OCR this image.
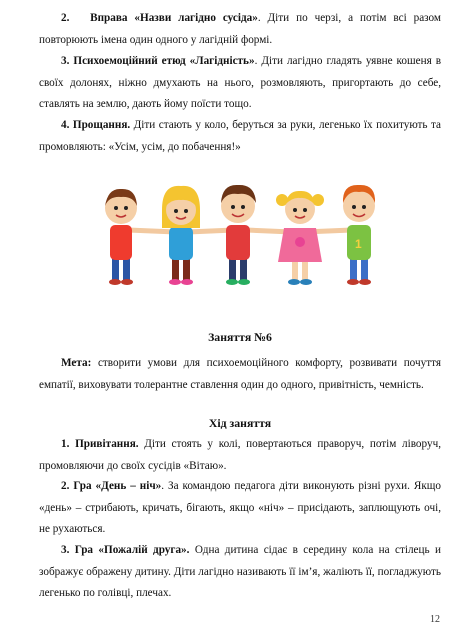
2. Вправа «Назви лагідно сусіда». Діти по черзі, а потім всі разом повторюють імена один одного у лагідній формі.

3. Психоемоційний етюд «Лагідність». Діти лагідно гладять уявне кошеня в своїх долонях, ніжно дмухають на нього, розмовляють, пригортають до себе, ставлять на землю, дають йому поїсти тощо.

4. Прощання. Діти стають у коло, беруться за руки, легенько їх похитують та промовляють: «Усім, усім, до побачення!»

1

Заняття №6

Мета: створити умови для психоемоційного комфорту, розвивати почуття емпатії, виховувати толерантне ставлення один до одного, привітність, чемність.

Хід заняття

1. Привітання. Діти стоять у колі, повертаються праворуч, потім ліворуч, промовляючи до своїх сусідів «Вітаю».

2. Гра «День – ніч». За командою педагога діти виконують різні рухи. Якщо «день» – стрибають, кричать, бігають, якщо «ніч» – присідають, заплющують очі, не рухаються.

3. Гра «Пожалій друга». Одна дитина сідає в середину кола на стілець и зображує ображену дитину. Діти лагідно називають її ім’я, жаліють її, погладжують легенько по голівці, плечах.

12
